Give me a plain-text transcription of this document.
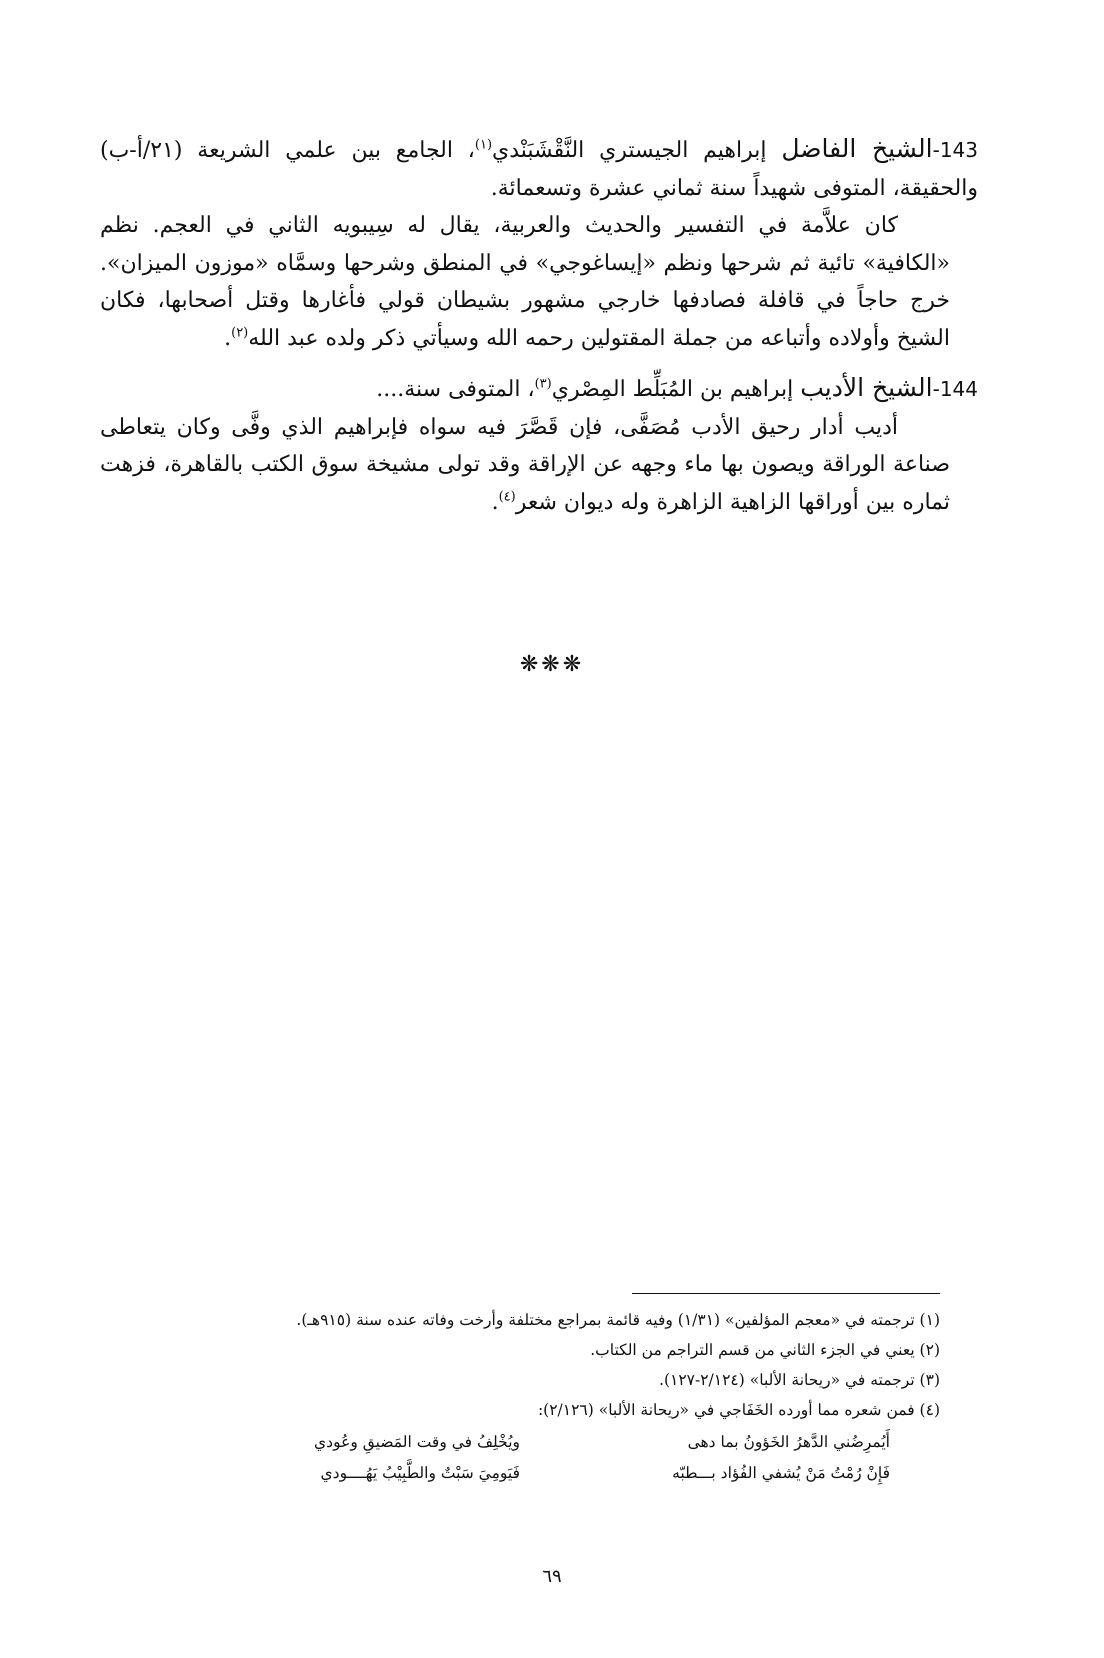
143-الشيخ الفاضل إبراهيم الجيستري النَّقْشَبَنْدي$^{(١)}$، الجامع بين علمي الشريعة (٢١/أ-ب) والحقيقة، المتوفى شهيداً سنة ثماني عشرة وتسعمائة.

كان علاَّمة في التفسير والحديث والعربية، يقال له سِيبويه الثاني في العجم. نظم «الكافية» تائية ثم شرحها ونظم «إيساغوجي» في المنطق وشرحها وسمَّاه «موزون الميزان». خرج حاجاً في قافلة فصادفها خارجي مشهور بشيطان قولي فأغارها وقتل أصحابها، فكان الشيخ وأولاده وأتباعه من جملة المقتولين رحمه الله وسيأتي ذكر ولده عبد الله$^{(٢)}$.

144-الشيخ الأديب إبراهيم بن المُبَلِّط المِصْري$^{(٣)}$، المتوفى سنة....

أديب أدار رحيق الأدب مُصَفَّى، فإن قَصَّرَ فيه سواه فإبراهيم الذي وفَّى وكان يتعاطى صناعة الوراقة ويصون بها ماء وجهه عن الإراقة وقد تولى مشيخة سوق الكتب بالقاهرة، فزهت ثماره بين أوراقها الزاهية الزاهرة وله ديوان شعر$^{(٤)}$.

❋❋❋

(١) ترجمته في «معجم المؤلفين» (١/٣١) وفيه قائمة بمراجع مختلفة وأرخت وفاته عنده سنة (٩١٥هـ).

(٢) يعني في الجزء الثاني من قسم التراجم من الكتاب.

(٣) ترجمته في «ريحانة الألبا» (٢/١٢٤-١٢٧).

(٤) فمن شعره مما أورده الخَفَاجي في «ريحانة الألبا» (٢/١٢٦):

أَيُمرِضُني الدَّهرُ الخَؤونُ بما دهى
ويُخْلِفُ في وقت المَضيقِ وعُودي
فَإِنْ رُمْتُ مَنْ يُشفي الفُؤاد بـــطبّه
فَيَومِيَ سَبْتٌ والطَّبِيْبُ يَهُــــودي
٦٩
